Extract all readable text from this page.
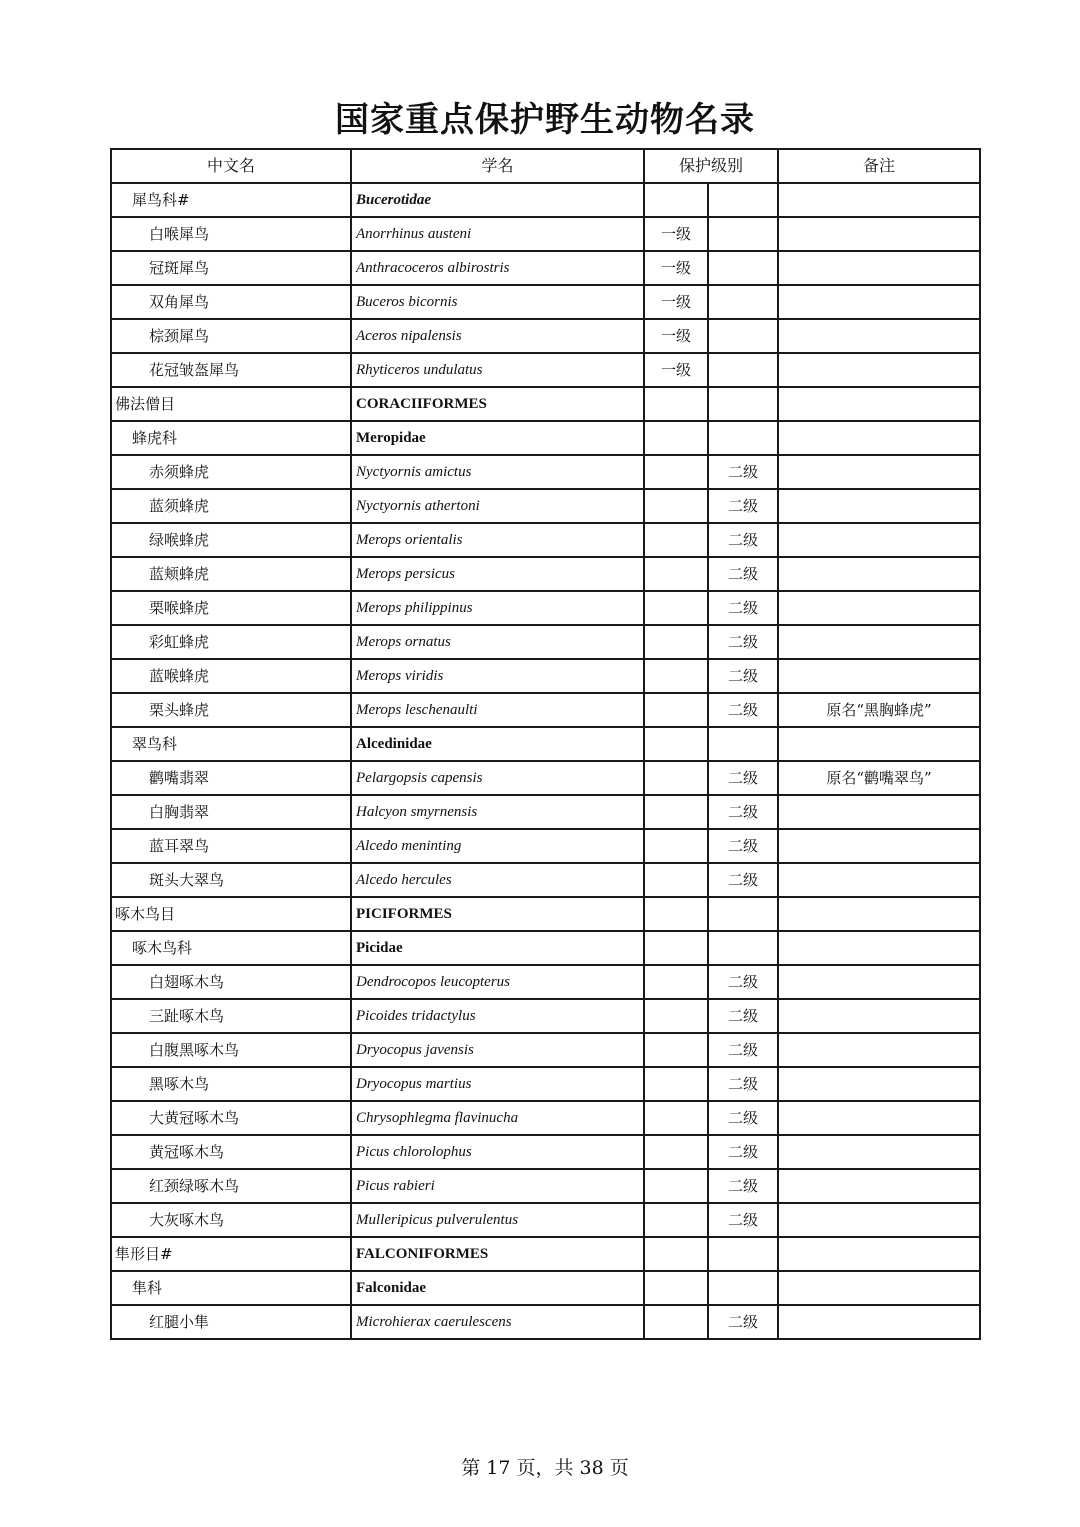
国家重点保护野生动物名录
中文名	学名	保护级别		备注
犀鸟科#	Bucerotidae			
白喉犀鸟	Anorrhinus austeni	一级		
冠斑犀鸟	Anthracoceros albirostris	一级		
双角犀鸟	Buceros bicornis	一级		
棕颈犀鸟	Aceros nipalensis	一级		
花冠皱盔犀鸟	Rhyticeros undulatus	一级		
佛法僧目	CORACIIFORMES			
蜂虎科	Meropidae			
赤须蜂虎	Nyctyornis amictus		二级	
蓝须蜂虎	Nyctyornis athertoni		二级	
绿喉蜂虎	Merops orientalis		二级	
蓝颊蜂虎	Merops persicus		二级	
栗喉蜂虎	Merops philippinus		二级	
彩虹蜂虎	Merops ornatus		二级	
蓝喉蜂虎	Merops viridis		二级	
栗头蜂虎	Merops leschenaulti		二级	原名“黑胸蜂虎”
翠鸟科	Alcedinidae			
鹳嘴翡翠	Pelargopsis capensis		二级	原名“鹳嘴翠鸟”
白胸翡翠	Halcyon smyrnensis		二级	
蓝耳翠鸟	Alcedo meninting		二级	
斑头大翠鸟	Alcedo hercules		二级	
啄木鸟目	PICIFORMES			
啄木鸟科	Picidae			
白翅啄木鸟	Dendrocopos leucopterus		二级	
三趾啄木鸟	Picoides tridactylus		二级	
白腹黑啄木鸟	Dryocopus javensis		二级	
黑啄木鸟	Dryocopus martius		二级	
大黄冠啄木鸟	Chrysophlegma flavinucha		二级	
黄冠啄木鸟	Picus chlorolophus		二级	
红颈绿啄木鸟	Picus rabieri		二级	
大灰啄木鸟	Mulleripicus pulverulentus		二级	
隼形目#	FALCONIFORMES			
隼科	Falconidae			
红腿小隼	Microhierax caerulescens		二级	
第 17 页，共 38 页
